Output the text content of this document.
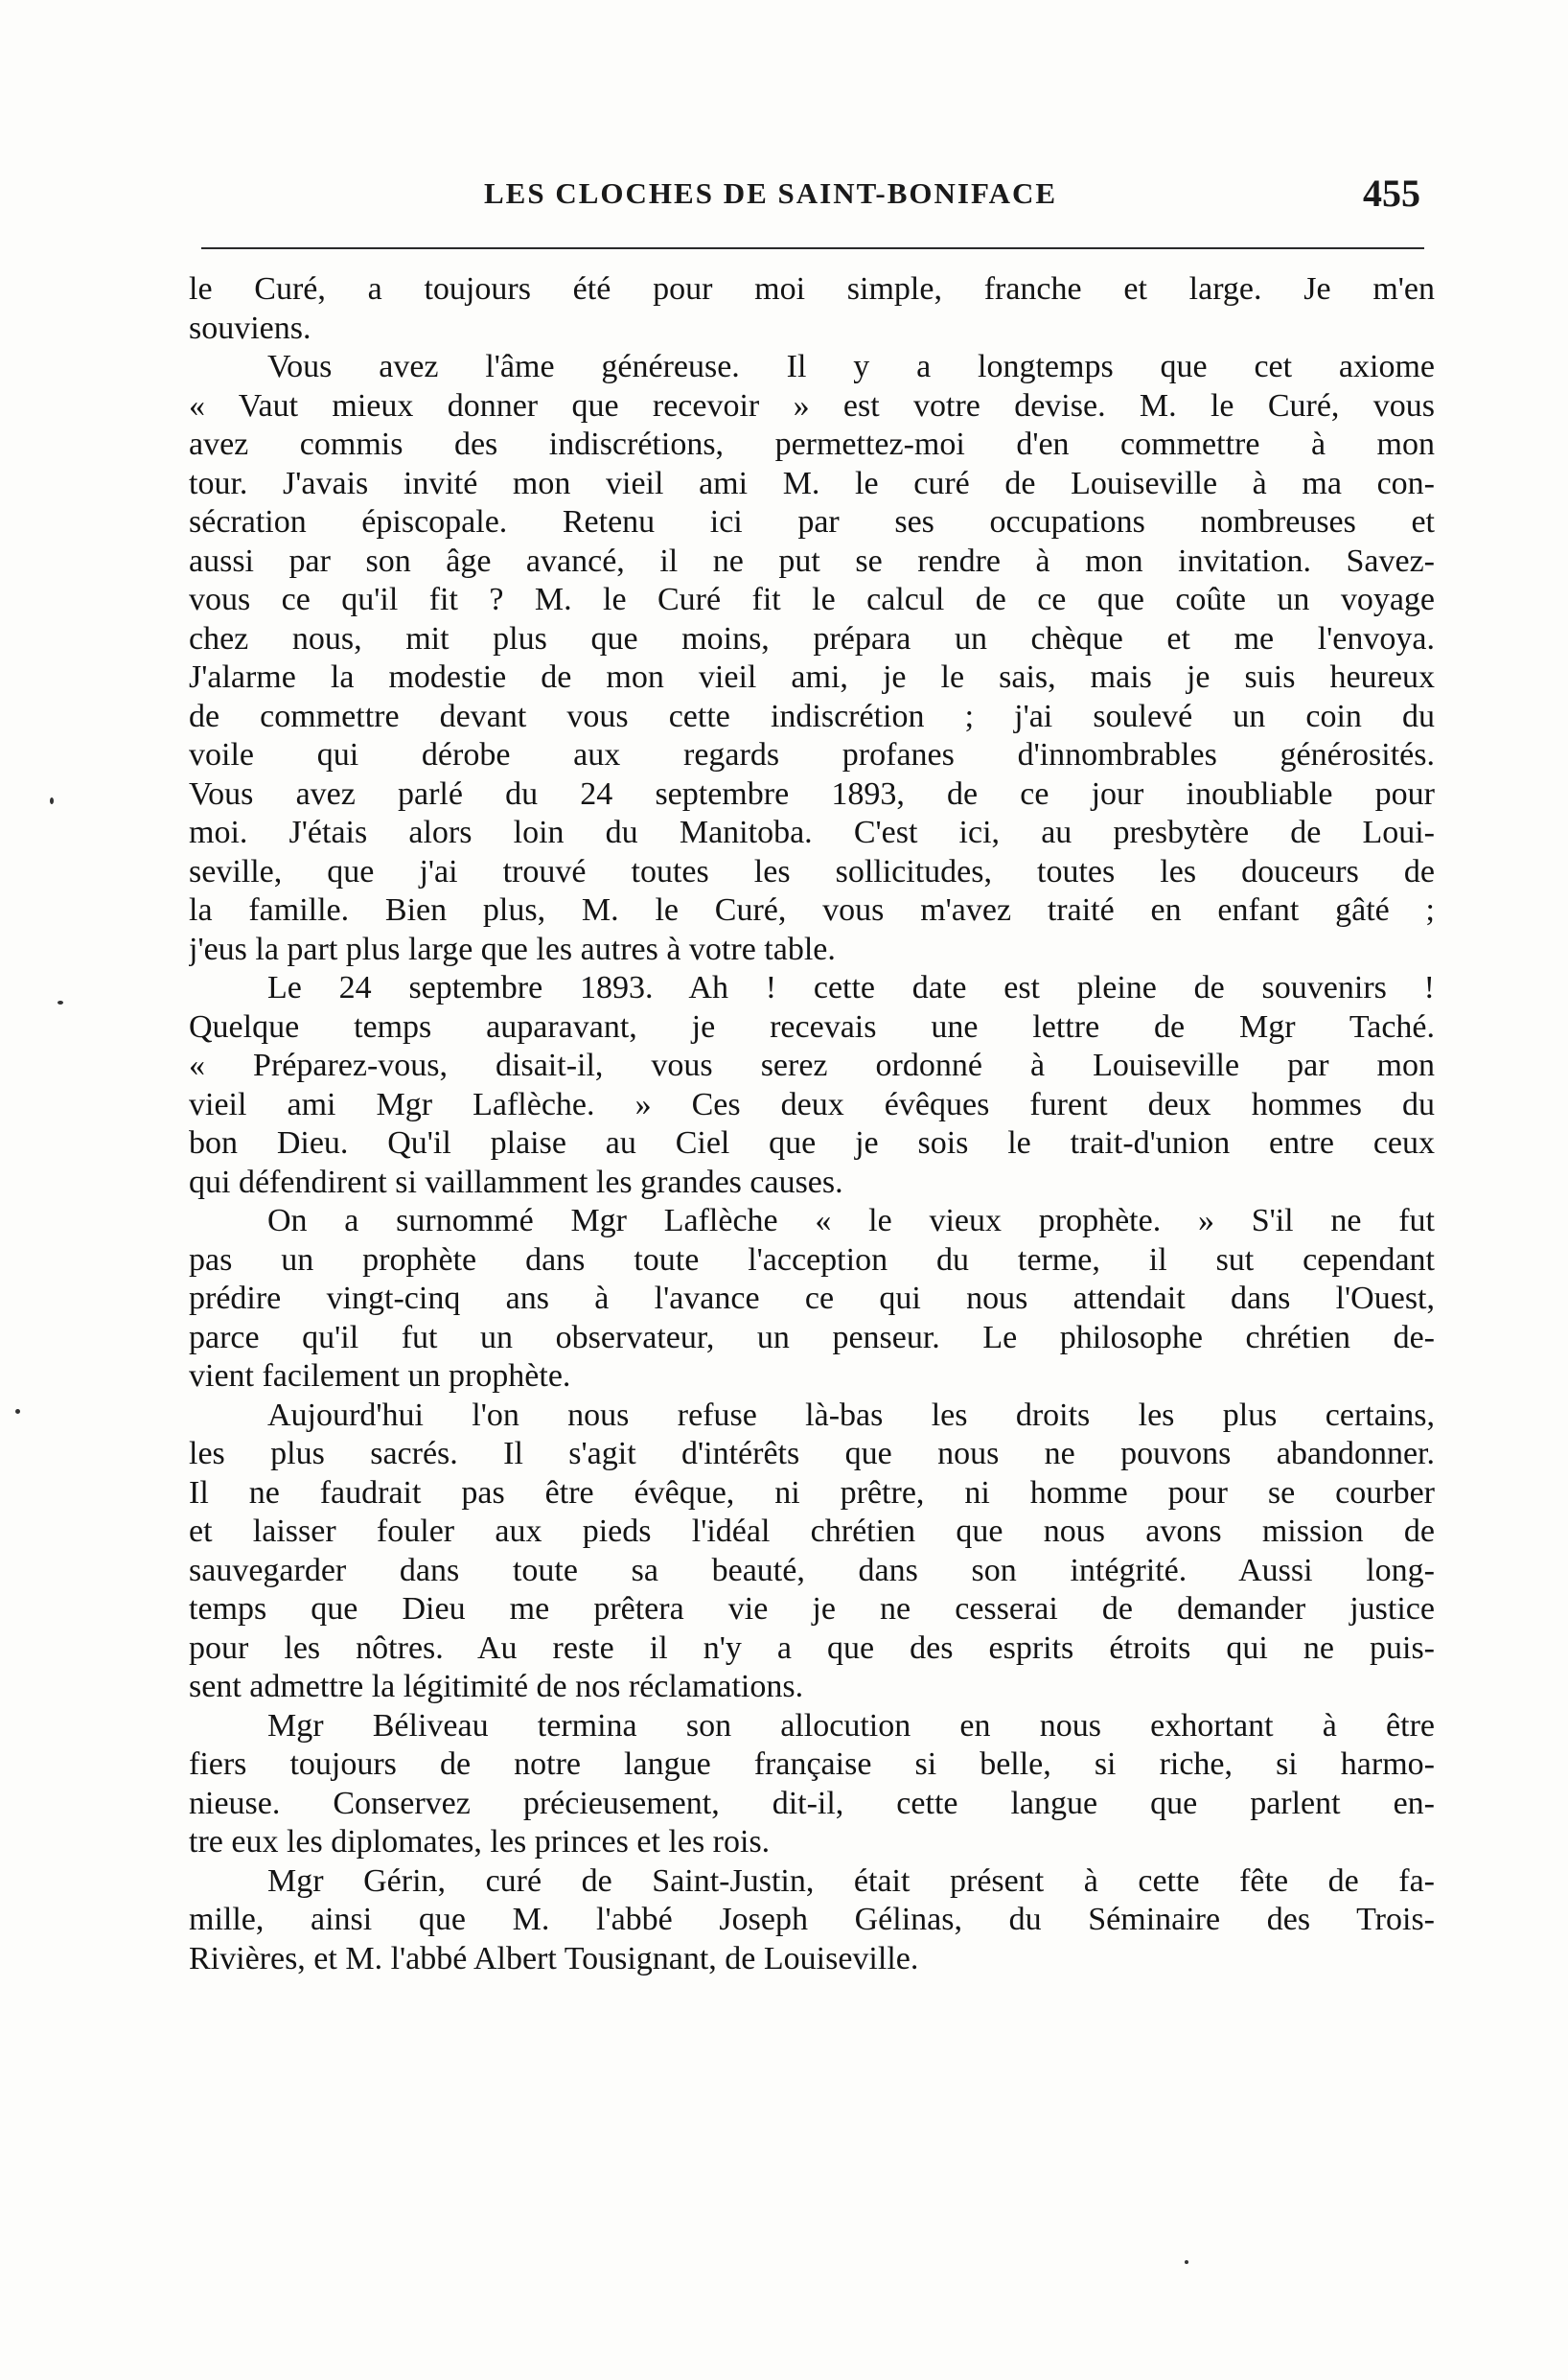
LES CLOCHES DE SAINT-BONIFACE	455
le Curé, a toujours été pour moi simple, franche et large. Je m'en
souviens.
Vous avez l'âme généreuse. Il y a longtemps que cet axiome
« Vaut mieux donner que recevoir » est votre devise. M. le Curé, vous
avez commis des indiscrétions, permettez-moi d'en commettre à mon
tour. J'avais invité mon vieil ami M. le curé de Louiseville à ma con-
sécration épiscopale. Retenu ici par ses occupations nombreuses et
aussi par son âge avancé, il ne put se rendre à mon invitation. Savez-
vous ce qu'il fit ? M. le Curé fit le calcul de ce que coûte un voyage
chez nous, mit plus que moins, prépara un chèque et me l'envoya.
J'alarme la modestie de mon vieil ami, je le sais, mais je suis heureux
de commettre devant vous cette indiscrétion ; j'ai soulevé un coin du
voile qui dérobe aux regards profanes d'innombrables générosités.
Vous avez parlé du 24 septembre 1893, de ce jour inoubliable pour
moi. J'étais alors loin du Manitoba. C'est ici, au presbytère de Loui-
seville, que j'ai trouvé toutes les sollicitudes, toutes les douceurs de
la famille. Bien plus, M. le Curé, vous m'avez traité en enfant gâté ;
j'eus la part plus large que les autres à votre table.
Le 24 septembre 1893. Ah ! cette date est pleine de souvenirs !
Quelque temps auparavant, je recevais une lettre de Mgr Taché.
« Préparez-vous, disait-il, vous serez ordonné à Louiseville par mon
vieil ami Mgr Laflèche. » Ces deux évêques furent deux hommes du
bon Dieu. Qu'il plaise au Ciel que je sois le trait-d'union entre ceux
qui défendirent si vaillamment les grandes causes.
On a surnommé Mgr Laflèche « le vieux prophète. » S'il ne fut
pas un prophète dans toute l'acception du terme, il sut cependant
prédire vingt-cinq ans à l'avance ce qui nous attendait dans l'Ouest,
parce qu'il fut un observateur, un penseur. Le philosophe chrétien de-
vient facilement un prophète.
Aujourd'hui l'on nous refuse là-bas les droits les plus certains,
les plus sacrés. Il s'agit d'intérêts que nous ne pouvons abandonner.
Il ne faudrait pas être évêque, ni prêtre, ni homme pour se courber
et laisser fouler aux pieds l'idéal chrétien que nous avons mission de
sauvegarder dans toute sa beauté, dans son intégrité. Aussi long-
temps que Dieu me prêtera vie je ne cesserai de demander justice
pour les nôtres. Au reste il n'y a que des esprits étroits qui ne puis-
sent admettre la légitimité de nos réclamations.
Mgr Béliveau termina son allocution en nous exhortant à être
fiers toujours de notre langue française si belle, si riche, si harmo-
nieuse. Conservez précieusement, dit-il, cette langue que parlent en-
tre eux les diplomates, les princes et les rois.
Mgr Gérin, curé de Saint-Justin, était présent à cette fête de fa-
mille, ainsi que M. l'abbé Joseph Gélinas, du Séminaire des Trois-
Rivières, et M. l'abbé Albert Tousignant, de Louiseville.
